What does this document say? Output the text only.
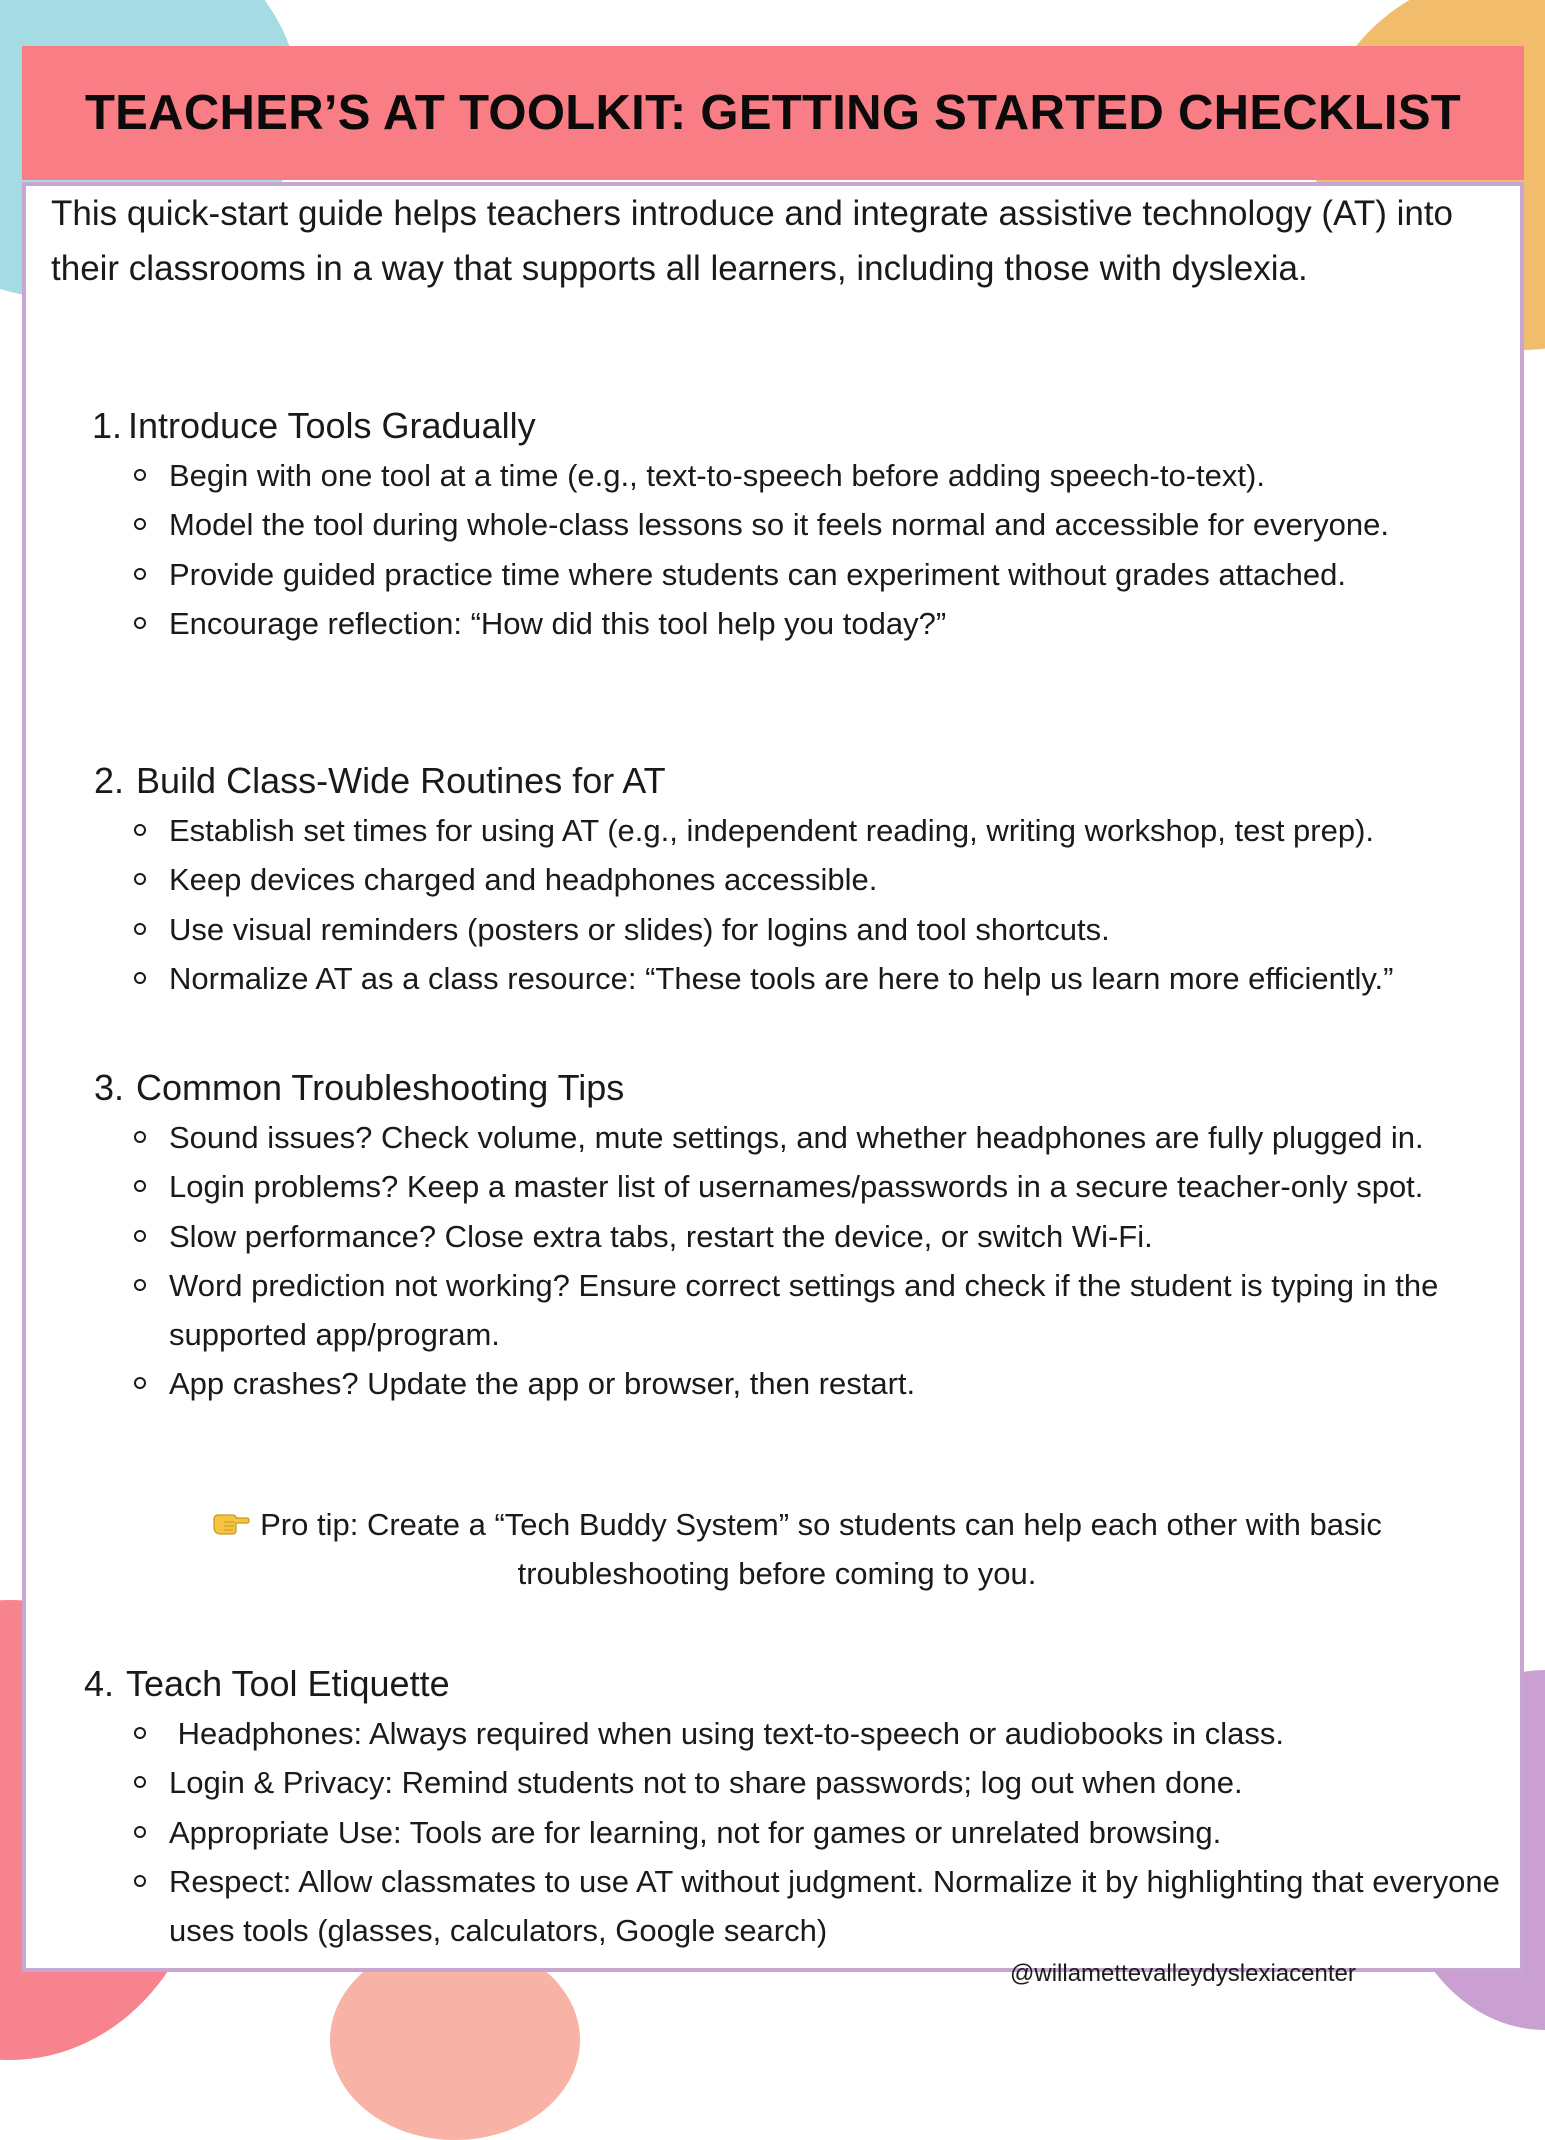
TEACHER’S AT TOOLKIT: GETTING STARTED CHECKLIST

This quick-start guide helps teachers introduce and integrate assistive technology (AT) into their classrooms in a way that supports all learners, including those with dyslexia.

1. Introduce Tools Gradually
Begin with one tool at a time (e.g., text-to-speech before adding speech-to-text).
Model the tool during whole-class lessons so it feels normal and accessible for everyone.
Provide guided practice time where students can experiment without grades attached.
Encourage reflection: “How did this tool help you today?”
2. Build Class-Wide Routines for AT
Establish set times for using AT (e.g., independent reading, writing workshop, test prep).
Keep devices charged and headphones accessible.
Use visual reminders (posters or slides) for logins and tool shortcuts.
Normalize AT as a class resource: “These tools are here to help us learn more efficiently.”
3. Common Troubleshooting Tips
Sound issues? Check volume, mute settings, and whether headphones are fully plugged in.
Login problems? Keep a master list of usernames/passwords in a secure teacher-only spot.
Slow performance? Close extra tabs, restart the device, or switch Wi-Fi.
Word prediction not working? Ensure correct settings and check if the student is typing in the supported app/program.
App crashes? Update the app or browser, then restart.
Pro tip: Create a “Tech Buddy System” so students can help each other with basic
troubleshooting before coming to you.
4. Teach Tool Etiquette
Headphones: Always required when using text-to-speech or audiobooks in class.
Login & Privacy: Remind students not to share passwords; log out when done.
Appropriate Use: Tools are for learning, not for games or unrelated browsing.
Respect: Allow classmates to use AT without judgment. Normalize it by highlighting that everyone uses tools (glasses, calculators, Google search)
@willamettevalleydyslexiacenter
